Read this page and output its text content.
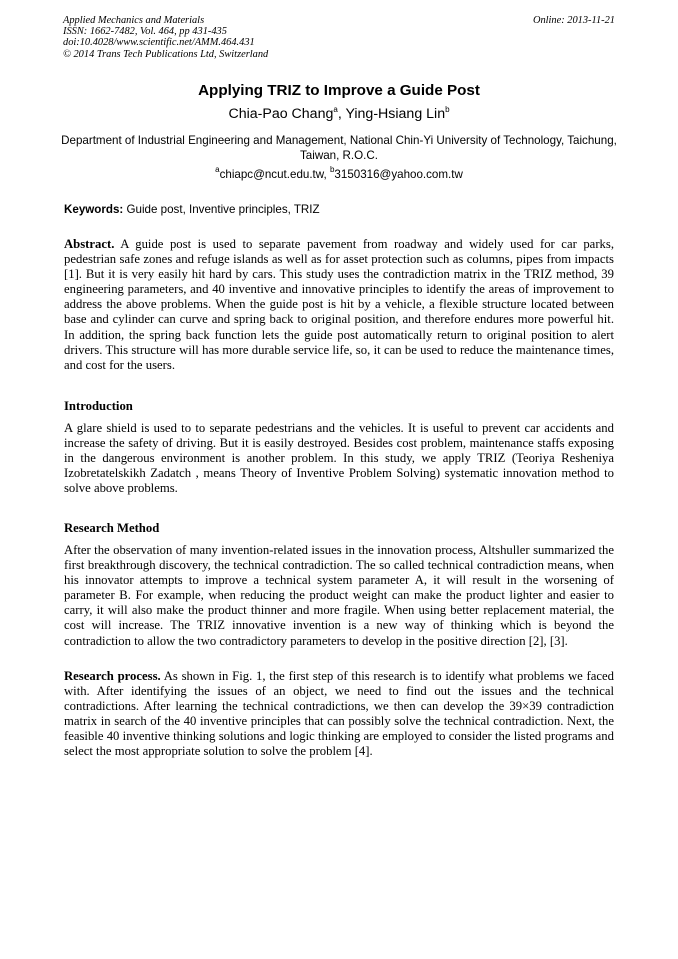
Applied Mechanics and Materials
ISSN: 1662-7482, Vol. 464, pp 431-435
doi:10.4028/www.scientific.net/AMM.464.431
© 2014 Trans Tech Publications Ltd, Switzerland
Online: 2013-11-21
Applying TRIZ to Improve a Guide Post
Chia-Pao Chang$^a$, Ying-Hsiang Lin$^b$
Department of Industrial Engineering and Management, National Chin-Yi University of Technology, Taichung, Taiwan, R.O.C.
$^a$chiapc@ncut.edu.tw, $^b$3150316@yahoo.com.tw
Keywords: Guide post, Inventive principles, TRIZ
Abstract. A guide post is used to separate pavement from roadway and widely used for car parks, pedestrian safe zones and refuge islands as well as for asset protection such as columns, pipes from impacts [1]. But it is very easily hit hard by cars. This study uses the contradiction matrix in the TRIZ method, 39 engineering parameters, and 40 inventive and innovative principles to identify the areas of improvement to address the above problems. When the guide post is hit by a vehicle, a flexible structure located between base and cylinder can curve and spring back to original position, and therefore endures more powerful hit. In addition, the spring back function lets the guide post automatically return to original position to alert drivers. This structure will has more durable service life, so, it can be used to reduce the maintenance times, and cost for the users.
Introduction
A glare shield is used to to separate pedestrians and the vehicles. It is useful to prevent car accidents and increase the safety of driving. But it is easily destroyed. Besides cost problem, maintenance staffs exposing in the dangerous environment is another problem. In this study, we apply TRIZ (Teoriya Resheniya Izobretatelskikh Zadatch , means Theory of Inventive Problem Solving) systematic innovation method to solve above problems.
Research Method
After the observation of many invention-related issues in the innovation process, Altshuller summarized the first breakthrough discovery, the technical contradiction. The so called technical contradiction means, when his innovator attempts to improve a technical system parameter A, it will result in the worsening of parameter B. For example, when reducing the product weight can make the product lighter and easier to carry, it will also make the product thinner and more fragile. When using better replacement material, the cost will increase. The TRIZ innovative invention is a new way of thinking which is beyond the contradiction to allow the two contradictory parameters to develop in the positive direction [2], [3].
Research process. As shown in Fig. 1, the first step of this research is to identify what problems we faced with. After identifying the issues of an object, we need to find out the issues and the technical contradictions. After learning the technical contradictions, we then can develop the 39×39 contradiction matrix in search of the 40 inventive principles that can possibly solve the technical contradiction. Next, the feasible 40 inventive thinking solutions and logic thinking are employed to consider the listed programs and select the most appropriate solution to solve the problem [4].
